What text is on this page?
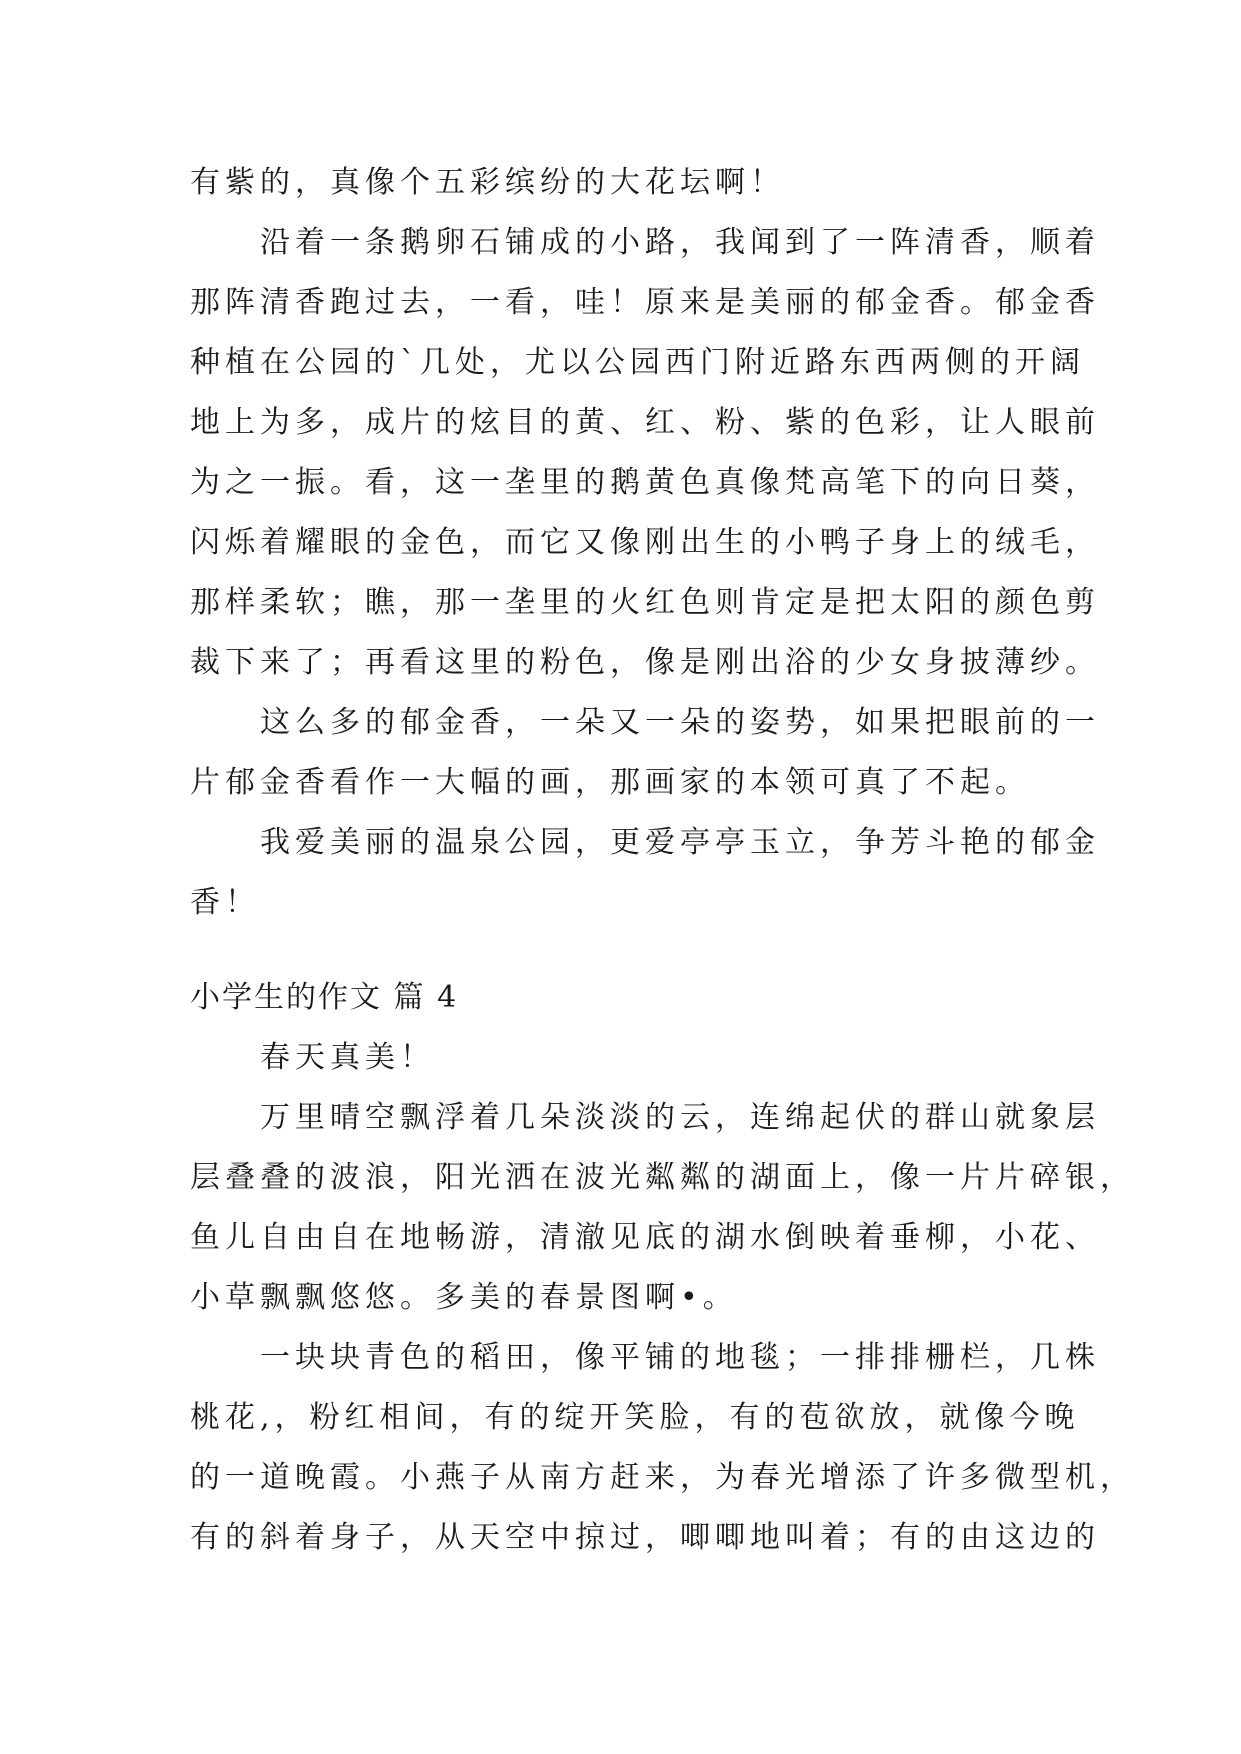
有紫的，真像个五彩缤纷的大花坛啊！
沿着一条鹅卵石铺成的小路，我闻到了一阵清香，顺着
那阵清香跑过去，一看，哇！原来是美丽的郁金香。郁金香
种植在公园的`几处，尤以公园西门附近路东西两侧的开阔
地上为多，成片的炫目的黄、红、粉、紫的色彩，让人眼前
为之一振。看，这一垄里的鹅黄色真像梵高笔下的向日葵，
闪烁着耀眼的金色，而它又像刚出生的小鸭子身上的绒毛，
那样柔软；瞧，那一垄里的火红色则肯定是把太阳的颜色剪
裁下来了；再看这里的粉色，像是刚出浴的少女身披薄纱。
这么多的郁金香，一朵又一朵的姿势，如果把眼前的一
片郁金香看作一大幅的画，那画家的本领可真了不起。
我爱美丽的温泉公园，更爱亭亭玉立，争芳斗艳的郁金
香！
小学生的作文 篇 4
春天真美！
万里晴空飘浮着几朵淡淡的云，连绵起伏的群山就象层
层叠叠的波浪，阳光洒在波光粼粼的湖面上，像一片片碎银，
鱼儿自由自在地畅游，清澈见底的湖水倒映着垂柳，小花、
小草飘飘悠悠。多美的春景图啊•。
一块块青色的稻田，像平铺的地毯；一排排栅栏，几株
桃花,，粉红相间，有的绽开笑脸，有的苞欲放，就像今晚
的一道晚霞。小燕子从南方赶来，为春光增添了许多微型机，
有的斜着身子，从天空中掠过，唧唧地叫着；有的由这边的
